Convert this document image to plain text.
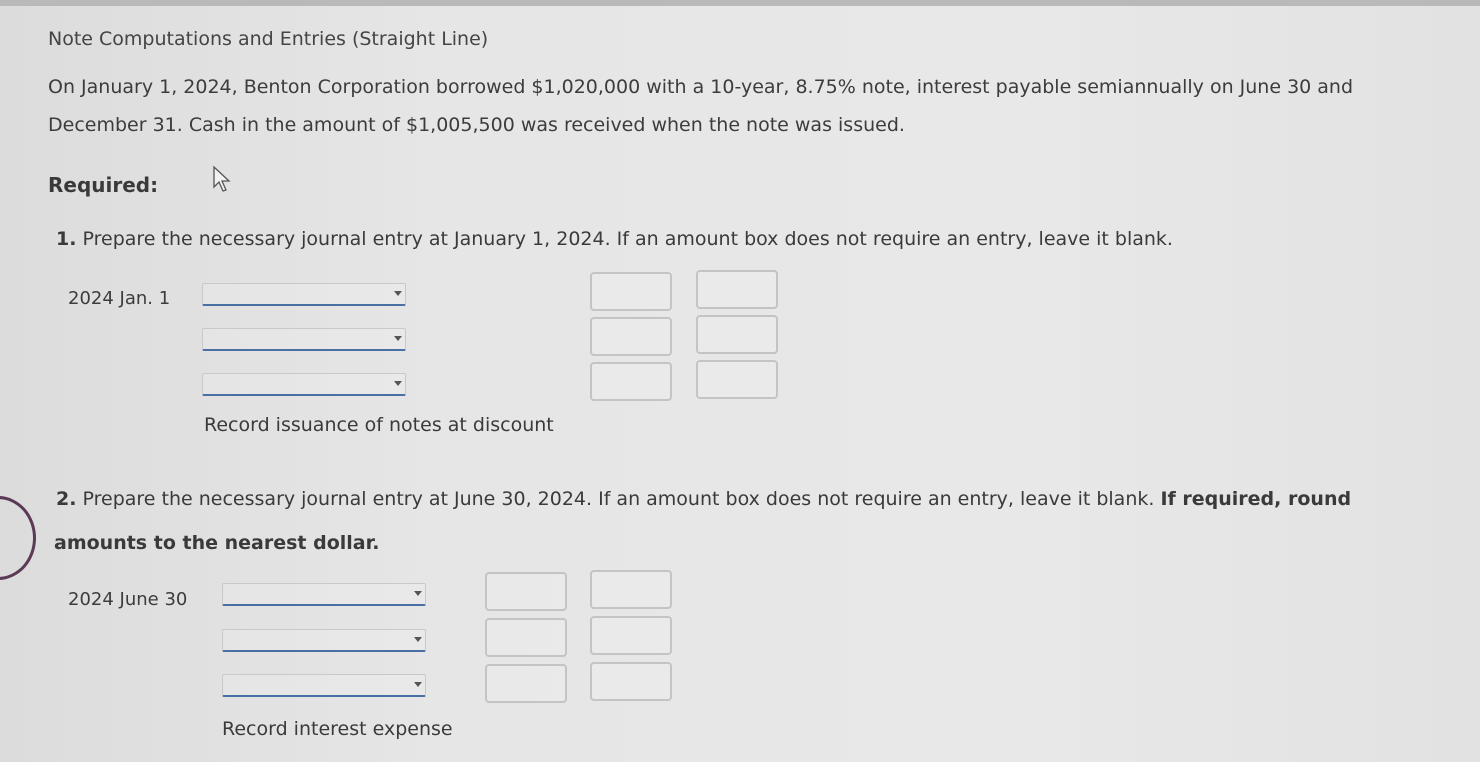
Note Computations and Entries (Straight Line)
On January 1, 2024, Benton Corporation borrowed $1,020,000 with a 10-year, 8.75% note, interest payable semiannually on June 30 and
December 31. Cash in the amount of $1,005,500 was received when the note was issued.
Required:
1. Prepare the necessary journal entry at January 1, 2024. If an amount box does not require an entry, leave it blank.
2024 Jan. 1
Record issuance of notes at discount
2. Prepare the necessary journal entry at June 30, 2024. If an amount box does not require an entry, leave it blank. If required, round
amounts to the nearest dollar.
2024 June 30
Record interest expense
